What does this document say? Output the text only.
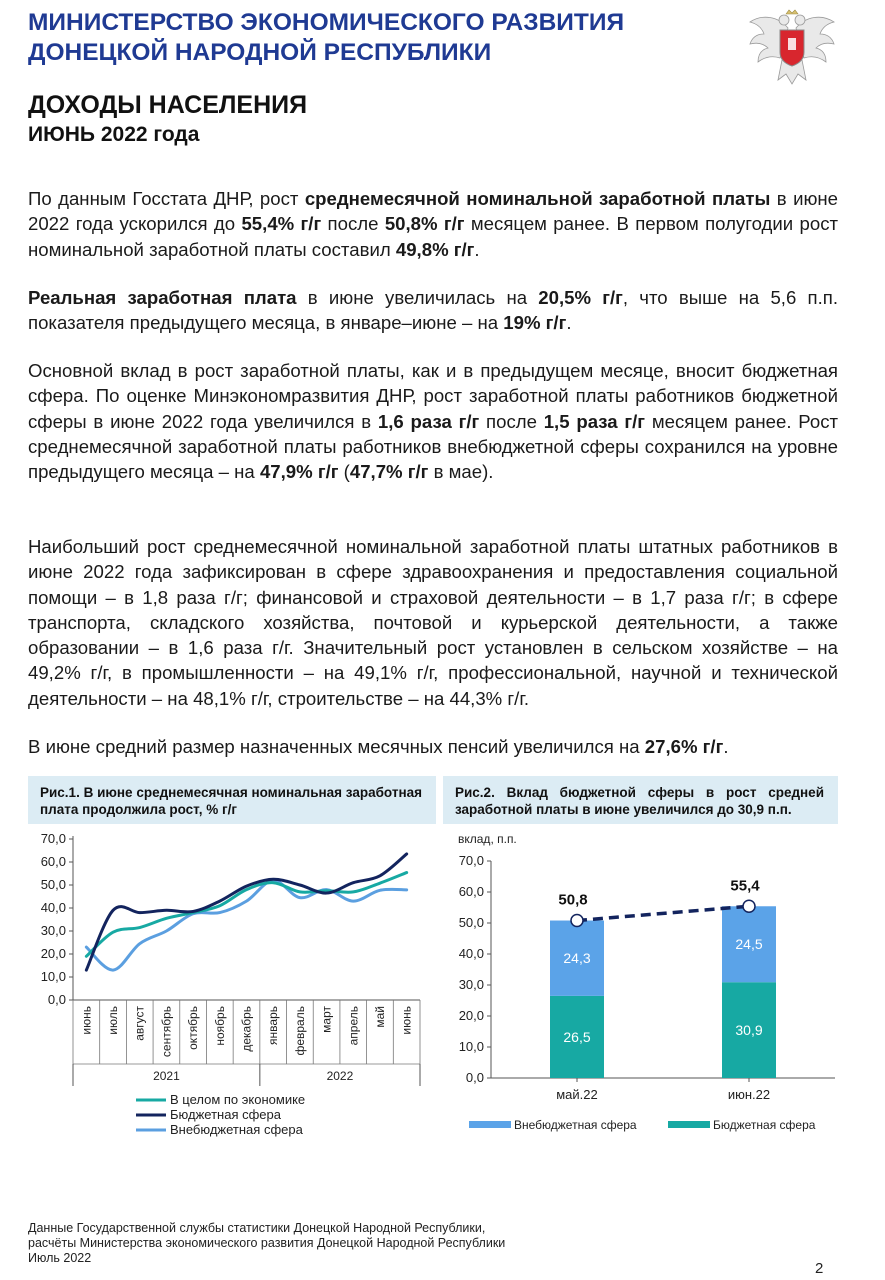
МИНИСТЕРСТВО ЭКОНОМИЧЕСКОГО РАЗВИТИЯ
ДОНЕЦКОЙ НАРОДНОЙ РЕСПУБЛИКИ
ДОХОДЫ НАСЕЛЕНИЯ
ИЮНЬ 2022 года
По данным Госстата ДНР, рост среднемесячной номинальной заработной платы в июне 2022 года ускорился до 55,4% г/г после 50,8% г/г месяцем ранее. В первом полугодии рост номинальной заработной платы составил 49,8% г/г.
Реальная заработная плата в июне увеличилась на 20,5% г/г, что выше на 5,6 п.п. показателя предыдущего месяца, в январе–июне – на 19% г/г.
Основной вклад в рост заработной платы, как и в предыдущем месяце, вносит бюджетная сфера. По оценке Минэкономразвития ДНР, рост заработной платы работников бюджетной сферы в июне 2022 года увеличился в 1,6 раза г/г после 1,5 раза г/г месяцем ранее. Рост среднемесячной заработной платы работников внебюджетной сферы сохранился на уровне предыдущего месяца – на 47,9% г/г (47,7% г/г в мае).
Наибольший рост среднемесячной номинальной заработной платы штатных работников в июне 2022 года зафиксирован в сфере здравоохранения и предоставления социальной помощи – в 1,8 раза г/г; финансовой и страховой деятельности – в 1,7 раза г/г; в сфере транспорта, складского хозяйства, почтовой и курьерской деятельности, а также образовании – в 1,6 раза г/г. Значительный рост установлен в сельском хозяйстве – на 49,2% г/г, в промышленности – на 49,1% г/г, профессиональной, научной и технической деятельности – на 48,1% г/г, строительстве – на 44,3% г/г.
В июне средний размер назначенных месячных пенсий увеличился на 27,6% г/г.
Рис.1. В июне среднемесячная номинальная заработная плата продолжила рост, % г/г
Рис.2. Вклад бюджетной сферы в рост средней заработной платы в июне увеличился до 30,9 п.п.
0,0
10,0
20,0
30,0
40,0
50,0
60,0
70,0
июнь июль август сентябрь октябрь ноябрь декабрь январь февраль март апрель май июнь
2021	2022
В целом по экономике
Бюджетная сфера
Внебюджетная сфера
вклад, п.п.
0,0
10,0
20,0
30,0
40,0
50,0
60,0
70,0
май.22
26,5
24,3
июн.22
30,9
24,5
50,8
55,4
Внебюджетная сфера	Бюджетная сфера
Данные Государственной службы статистики Донецкой Народной Республики,
расчёты Министерства экономического развития Донецкой Народной Республики
Июль 2022
2
